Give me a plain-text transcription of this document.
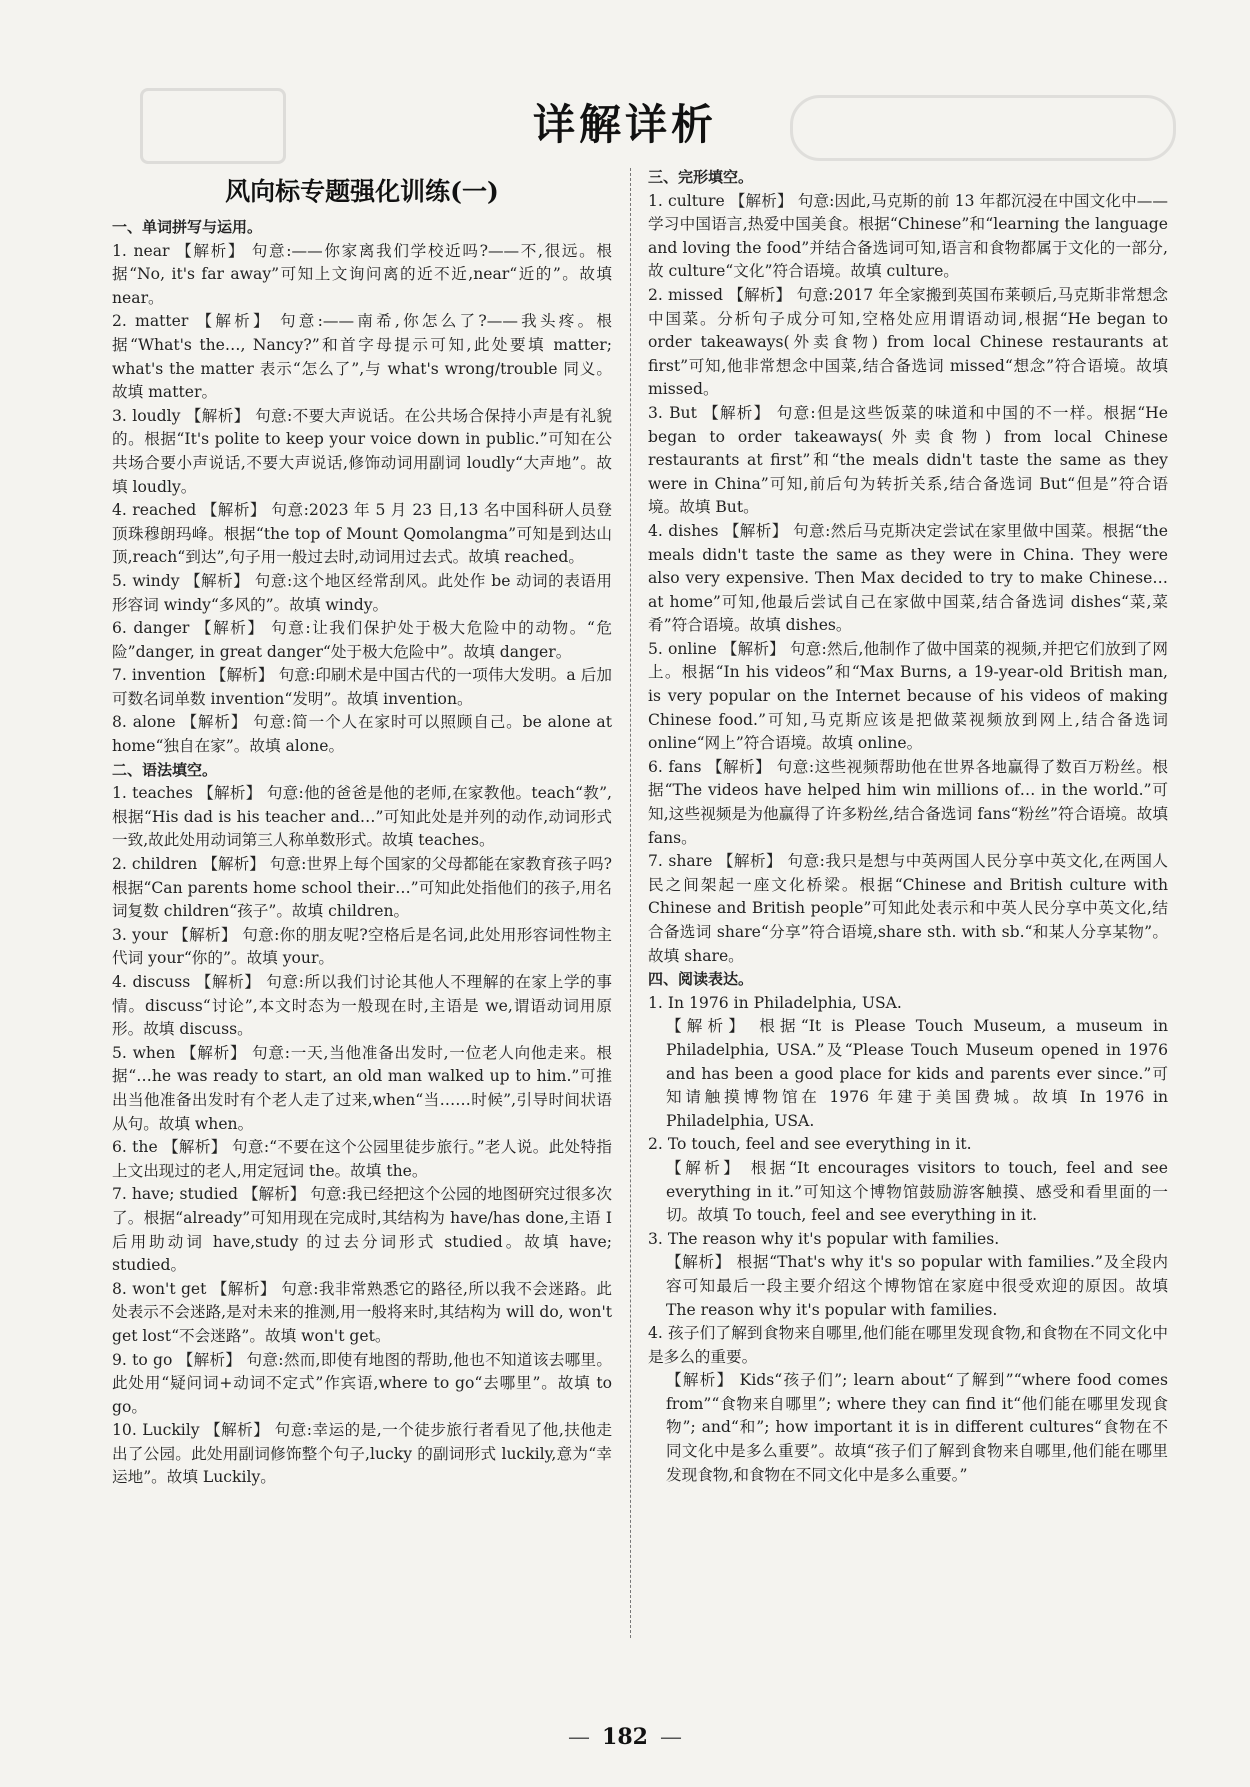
详解详析
风向标专题强化训练(一)
一、单词拼写与运用。
1. near 【解析】 句意:——你家离我们学校近吗?——不,很远。根据“No, it's far away”可知上文询问离的近不近,near“近的”。故填 near。
2. matter 【解析】 句意:——南希,你怎么了?——我头疼。根据“What's the…, Nancy?”和首字母提示可知,此处要填 matter; what's the matter 表示“怎么了”,与 what's wrong/trouble 同义。故填 matter。
3. loudly 【解析】 句意:不要大声说话。在公共场合保持小声是有礼貌的。根据“It's polite to keep your voice down in public.”可知在公共场合要小声说话,不要大声说话,修饰动词用副词 loudly“大声地”。故填 loudly。
4. reached 【解析】 句意:2023 年 5 月 23 日,13 名中国科研人员登顶珠穆朗玛峰。根据“the top of Mount Qomolangma”可知是到达山顶,reach“到达”,句子用一般过去时,动词用过去式。故填 reached。
5. windy 【解析】 句意:这个地区经常刮风。此处作 be 动词的表语用形容词 windy“多风的”。故填 windy。
6. danger 【解析】 句意:让我们保护处于极大危险中的动物。“危险”danger, in great danger“处于极大危险中”。故填 danger。
7. invention 【解析】 句意:印刷术是中国古代的一项伟大发明。a 后加可数名词单数 invention“发明”。故填 invention。
8. alone 【解析】 句意:简一个人在家时可以照顾自己。be alone at home“独自在家”。故填 alone。
二、语法填空。
1. teaches 【解析】 句意:他的爸爸是他的老师,在家教他。teach“教”,根据“His dad is his teacher and…”可知此处是并列的动作,动词形式一致,故此处用动词第三人称单数形式。故填 teaches。
2. children 【解析】 句意:世界上每个国家的父母都能在家教育孩子吗?根据“Can parents home school their…”可知此处指他们的孩子,用名词复数 children“孩子”。故填 children。
3. your 【解析】 句意:你的朋友呢?空格后是名词,此处用形容词性物主代词 your“你的”。故填 your。
4. discuss 【解析】 句意:所以我们讨论其他人不理解的在家上学的事情。discuss“讨论”,本文时态为一般现在时,主语是 we,谓语动词用原形。故填 discuss。
5. when 【解析】 句意:一天,当他准备出发时,一位老人向他走来。根据“…he was ready to start, an old man walked up to him.”可推出当他准备出发时有个老人走了过来,when“当……时候”,引导时间状语从句。故填 when。
6. the 【解析】 句意:“不要在这个公园里徒步旅行。”老人说。此处特指上文出现过的老人,用定冠词 the。故填 the。
7. have; studied 【解析】 句意:我已经把这个公园的地图研究过很多次了。根据“already”可知用现在完成时,其结构为 have/has done,主语 I 后用助动词 have,study 的过去分词形式 studied。故填 have; studied。
8. won't get 【解析】 句意:我非常熟悉它的路径,所以我不会迷路。此处表示不会迷路,是对未来的推测,用一般将来时,其结构为 will do, won't get lost“不会迷路”。故填 won't get。
9. to go 【解析】 句意:然而,即使有地图的帮助,他也不知道该去哪里。此处用“疑问词+动词不定式”作宾语,where to go“去哪里”。故填 to go。
10. Luckily 【解析】 句意:幸运的是,一个徒步旅行者看见了他,扶他走出了公园。此处用副词修饰整个句子,lucky 的副词形式 luckily,意为“幸运地”。故填 Luckily。
三、完形填空。
1. culture 【解析】 句意:因此,马克斯的前 13 年都沉浸在中国文化中——学习中国语言,热爱中国美食。根据“Chinese”和“learning the language and loving the food”并结合备选词可知,语言和食物都属于文化的一部分,故 culture“文化”符合语境。故填 culture。
2. missed 【解析】 句意:2017 年全家搬到英国布莱顿后,马克斯非常想念中国菜。分析句子成分可知,空格处应用谓语动词,根据“He began to order takeaways(外卖食物) from local Chinese restaurants at first”可知,他非常想念中国菜,结合备选词 missed“想念”符合语境。故填 missed。
3. But 【解析】 句意:但是这些饭菜的味道和中国的不一样。根据“He began to order takeaways(外卖食物) from local Chinese restaurants at first”和“the meals didn't taste the same as they were in China”可知,前后句为转折关系,结合备选词 But“但是”符合语境。故填 But。
4. dishes 【解析】 句意:然后马克斯决定尝试在家里做中国菜。根据“the meals didn't taste the same as they were in China. They were also very expensive. Then Max decided to try to make Chinese… at home”可知,他最后尝试自己在家做中国菜,结合备选词 dishes“菜,菜肴”符合语境。故填 dishes。
5. online 【解析】 句意:然后,他制作了做中国菜的视频,并把它们放到了网上。根据“In his videos”和“Max Burns, a 19-year-old British man, is very popular on the Internet because of his videos of making Chinese food.”可知,马克斯应该是把做菜视频放到网上,结合备选词 online“网上”符合语境。故填 online。
6. fans 【解析】 句意:这些视频帮助他在世界各地赢得了数百万粉丝。根据“The videos have helped him win millions of… in the world.”可知,这些视频是为他赢得了许多粉丝,结合备选词 fans“粉丝”符合语境。故填 fans。
7. share 【解析】 句意:我只是想与中英两国人民分享中英文化,在两国人民之间架起一座文化桥梁。根据“Chinese and British culture with Chinese and British people”可知此处表示和中英人民分享中英文化,结合备选词 share“分享”符合语境,share sth. with sb.“和某人分享某物”。故填 share。
四、阅读表达。
1. In 1976 in Philadelphia, USA.
【解析】 根据“It is Please Touch Museum, a museum in Philadelphia, USA.”及“Please Touch Museum opened in 1976 and has been a good place for kids and parents ever since.”可知请触摸博物馆在 1976 年建于美国费城。故填 In 1976 in Philadelphia, USA.
2. To touch, feel and see everything in it.
【解析】 根据“It encourages visitors to touch, feel and see everything in it.”可知这个博物馆鼓励游客触摸、感受和看里面的一切。故填 To touch, feel and see everything in it.
3. The reason why it's popular with families.
【解析】 根据“That's why it's so popular with families.”及全段内容可知最后一段主要介绍这个博物馆在家庭中很受欢迎的原因。故填 The reason why it's popular with families.
4. 孩子们了解到食物来自哪里,他们能在哪里发现食物,和食物在不同文化中是多么的重要。
【解析】 Kids“孩子们”; learn about“了解到”“where food comes from”“食物来自哪里”; where they can find it“他们能在哪里发现食物”; and“和”; how important it is in different cultures“食物在不同文化中是多么重要”。故填“孩子们了解到食物来自哪里,他们能在哪里发现食物,和食物在不同文化中是多么重要。”
— 182 —
